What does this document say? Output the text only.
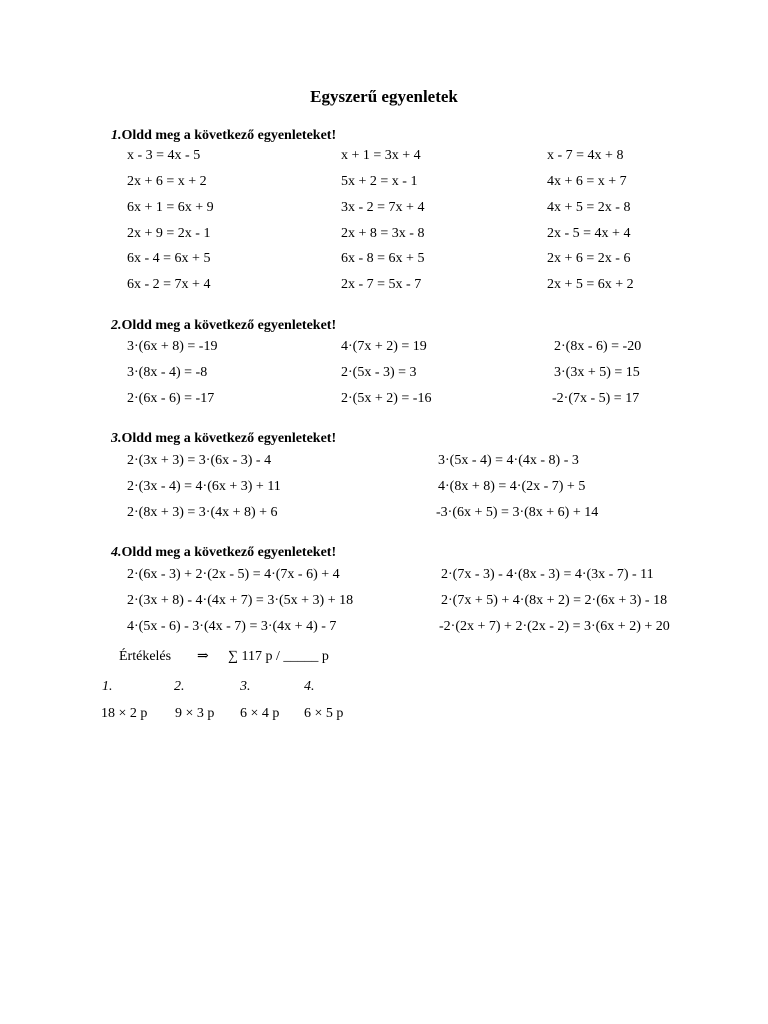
Egyszerű egyenletek
1.Oldd meg a következő egyenleteket!
x - 3 = 4x - 5	x + 1 = 3x + 4	x - 7 = 4x + 8
2x + 6 = x + 2	5x + 2 = x - 1	4x + 6 = x + 7
6x + 1 = 6x + 9	3x - 2 = 7x + 4	4x + 5 = 2x - 8
2x + 9 = 2x - 1	2x + 8 = 3x - 8	2x - 5 = 4x + 4
6x - 4 = 6x + 5	6x - 8 = 6x + 5	2x + 6 = 2x - 6
6x - 2 = 7x + 4	2x - 7 = 5x - 7	2x + 5 = 6x + 2
2.Oldd meg a következő egyenleteket!
3·(6x + 8) = -19	4·(7x + 2) = 19	2·(8x - 6) = -20
3·(8x - 4) = -8	2·(5x - 3) = 3	3·(3x + 5) = 15
2·(6x - 6) = -17	2·(5x + 2) = -16	-2·(7x - 5) = 17
3.Oldd meg a következő egyenleteket!
2·(3x + 3) = 3·(6x - 3) - 4	3·(5x - 4) = 4·(4x - 8) - 3
2·(3x - 4) = 4·(6x + 3) + 11	4·(8x + 8) = 4·(2x - 7) + 5
2·(8x + 3) = 3·(4x + 8) + 6	-3·(6x + 5) = 3·(8x + 6) + 14
4.Oldd meg a következő egyenleteket!
2·(6x - 3) + 2·(2x - 5) = 4·(7x - 6) + 4	2·(7x - 3) - 4·(8x - 3) = 4·(3x - 7) - 11
2·(3x + 8) - 4·(4x + 7) = 3·(5x + 3) + 18	2·(7x + 5) + 4·(8x + 2) = 2·(6x + 3) - 18
4·(5x - 6) - 3·(4x - 7) = 3·(4x + 4) - 7	-2·(2x + 7) + 2·(2x - 2) = 3·(6x + 2) + 20
Értékelés ⇒ ∑ 117 p / _____ p
1.	2.	3.	4.
18 × 2 p 9 × 3 p 6 × 4 p 6 × 5 p
